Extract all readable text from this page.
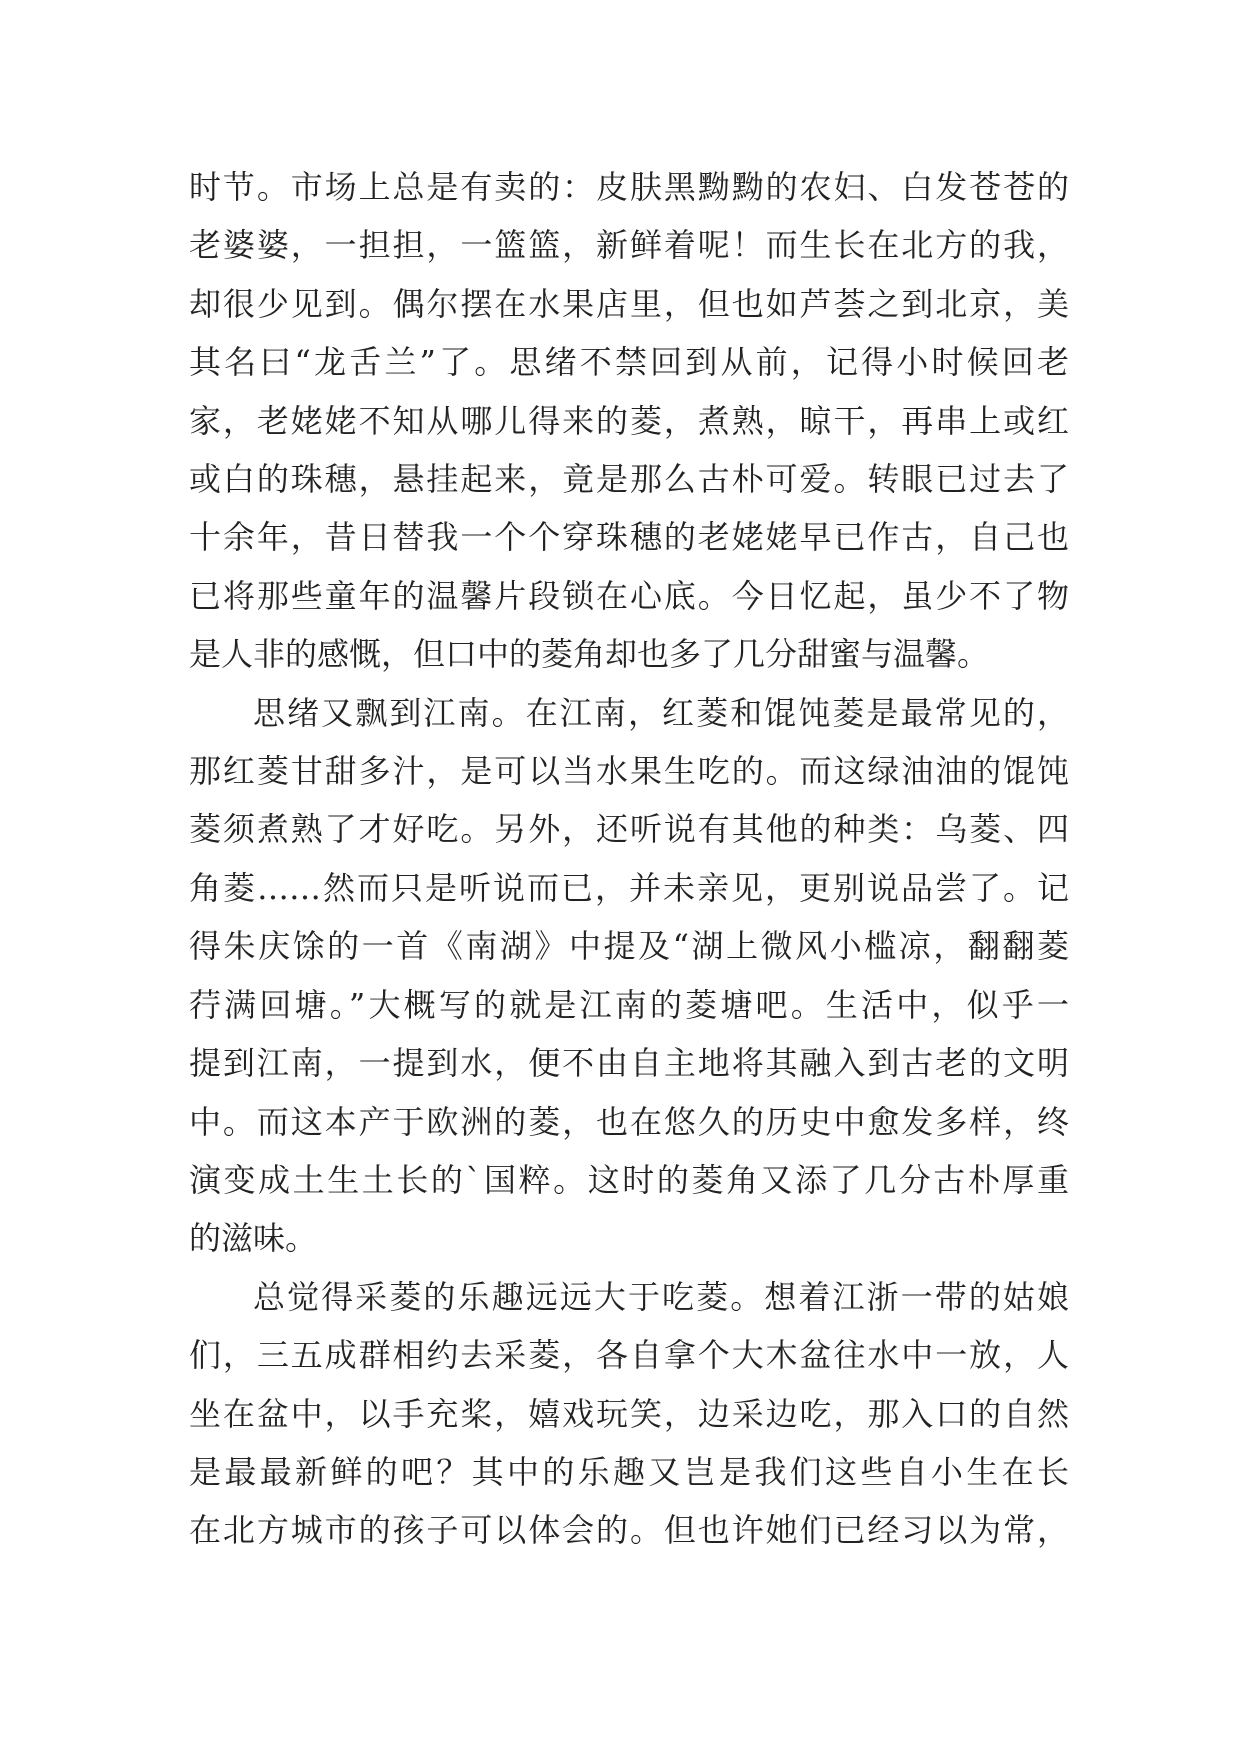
时节。市场上总是有卖的：皮肤黑黝黝的农妇、白发苍苍的
老婆婆，一担担，一篮篮，新鲜着呢！而生长在北方的我，
却很少见到。偶尔摆在水果店里，但也如芦荟之到北京，美
其名曰“龙舌兰”了。思绪不禁回到从前，记得小时候回老
家，老姥姥不知从哪儿得来的菱，煮熟，晾干，再串上或红
或白的珠穗，悬挂起来，竟是那么古朴可爱。转眼已过去了
十余年，昔日替我一个个穿珠穗的老姥姥早已作古，自己也
已将那些童年的温馨片段锁在心底。今日忆起，虽少不了物
是人非的感慨，但口中的菱角却也多了几分甜蜜与温馨。

思绪又飘到江南。在江南，红菱和馄饨菱是最常见的，
那红菱甘甜多汁，是可以当水果生吃的。而这绿油油的馄饨
菱须煮熟了才好吃。另外，还听说有其他的种类：乌菱、四
角菱……然而只是听说而已，并未亲见，更别说品尝了。记
得朱庆馀的一首《南湖》中提及“湖上微风小槛凉，翻翻菱
荇满回塘。”大概写的就是江南的菱塘吧。生活中，似乎一
提到江南，一提到水，便不由自主地将其融入到古老的文明
中。而这本产于欧洲的菱，也在悠久的历史中愈发多样，终
演变成土生土长的`国粹。这时的菱角又添了几分古朴厚重
的滋味。

总觉得采菱的乐趣远远大于吃菱。想着江浙一带的姑娘
们，三五成群相约去采菱，各自拿个大木盆往水中一放，人
坐在盆中，以手充桨，嬉戏玩笑，边采边吃，那入口的自然
是最最新鲜的吧？其中的乐趣又岂是我们这些自小生在长
在北方城市的孩子可以体会的。但也许她们已经习以为常，
